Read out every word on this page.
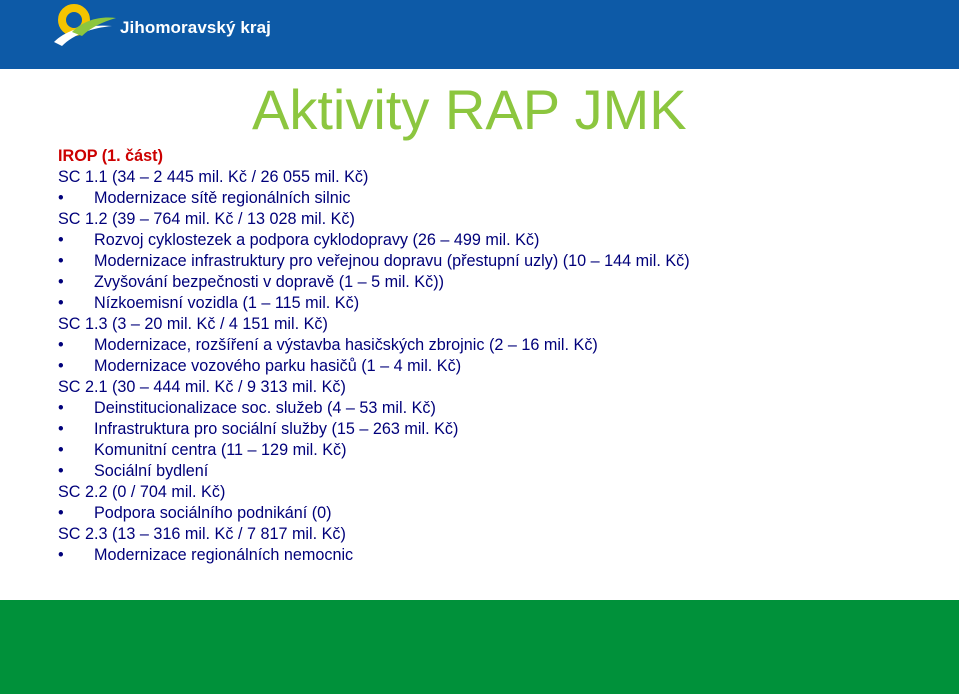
Jihomoravský kraj
Aktivity RAP JMK
IROP (1. část)
SC 1.1 (34 – 2 445 mil. Kč / 26 055 mil. Kč)
• Modernizace sítě regionálních silnic
SC 1.2 (39 – 764 mil. Kč / 13 028 mil. Kč)
• Rozvoj cyklostezek a podpora cyklodopravy (26 – 499 mil. Kč)
• Modernizace infrastruktury pro veřejnou dopravu (přestupní uzly) (10 – 144 mil. Kč)
• Zvyšování bezpečnosti v dopravě (1 – 5 mil. Kč))
• Nízkoemisní vozidla (1 – 115 mil. Kč)
SC 1.3 (3 – 20 mil. Kč / 4 151 mil. Kč)
• Modernizace, rozšíření a výstavba hasičských zbrojnic (2 – 16 mil. Kč)
• Modernizace vozového parku hasičů (1 – 4 mil. Kč)
SC 2.1 (30 – 444 mil. Kč / 9 313 mil. Kč)
• Deinstitucionalizace soc. služeb (4 – 53 mil. Kč)
• Infrastruktura pro sociální služby (15 – 263 mil. Kč)
• Komunitní centra (11 – 129 mil. Kč)
• Sociální bydlení
SC 2.2 (0 / 704 mil. Kč)
• Podpora sociálního podnikání (0)
SC 2.3 (13 – 316 mil. Kč / 7 817 mil. Kč)
• Modernizace regionálních nemocnic
